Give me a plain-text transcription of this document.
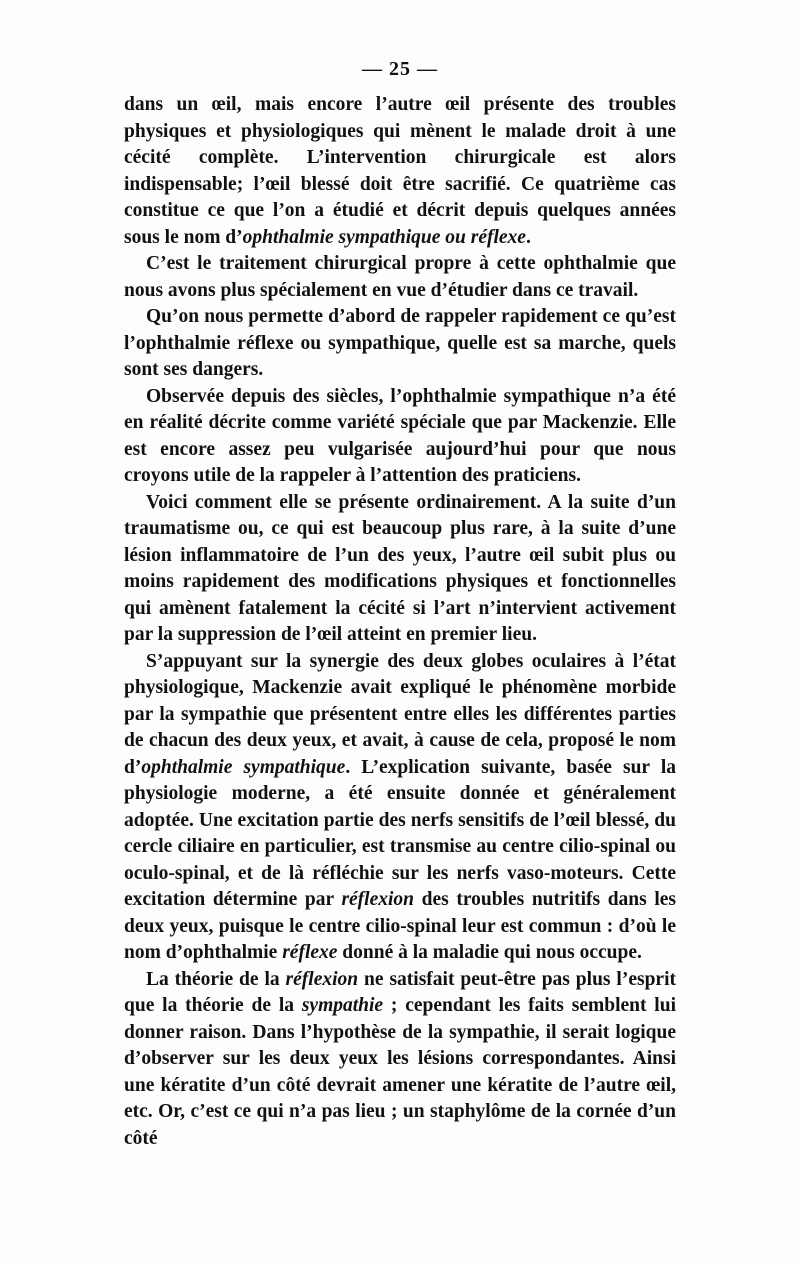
— 25 —

dans un œil, mais encore l’autre œil présente des troubles physiques et physiologiques qui mènent le malade droit à une cécité complète. L’intervention chirurgicale est alors indispensable; l’œil blessé doit être sacrifié. Ce quatrième cas constitue ce que l’on a étudié et décrit depuis quelques années sous le nom d’ophthalmie sympathique ou réflexe.

C’est le traitement chirurgical propre à cette ophthalmie que nous avons plus spécialement en vue d’étudier dans ce travail.

Qu’on nous permette d’abord de rappeler rapidement ce qu’est l’ophthalmie réflexe ou sympathique, quelle est sa marche, quels sont ses dangers.

Observée depuis des siècles, l’ophthalmie sympathique n’a été en réalité décrite comme variété spéciale que par Mackenzie. Elle est encore assez peu vulgarisée aujourd’hui pour que nous croyons utile de la rappeler à l’attention des praticiens.

Voici comment elle se présente ordinairement. A la suite d’un traumatisme ou, ce qui est beaucoup plus rare, à la suite d’une lésion inflammatoire de l’un des yeux, l’autre œil subit plus ou moins rapidement des modifications physiques et fonctionnelles qui amènent fatalement la cécité si l’art n’intervient activement par la suppression de l’œil atteint en premier lieu.

S’appuyant sur la synergie des deux globes oculaires à l’état physiologique, Mackenzie avait expliqué le phénomène morbide par la sympathie que présentent entre elles les différentes parties de chacun des deux yeux, et avait, à cause de cela, proposé le nom d’ophthalmie sympathique. L’explication suivante, basée sur la physiologie moderne, a été ensuite donnée et généralement adoptée. Une excitation partie des nerfs sensitifs de l’œil blessé, du cercle ciliaire en particulier, est transmise au centre cilio-spinal ou oculo-spinal, et de là réfléchie sur les nerfs vaso-moteurs. Cette excitation détermine par réflexion des troubles nutritifs dans les deux yeux, puisque le centre cilio-spinal leur est commun : d’où le nom d’ophthalmie réflexe donné à la maladie qui nous occupe.

La théorie de la réflexion ne satisfait peut-être pas plus l’esprit que la théorie de la sympathie ; cependant les faits semblent lui donner raison. Dans l’hypothèse de la sympathie, il serait logique d’observer sur les deux yeux les lésions correspondantes. Ainsi une kératite d’un côté devrait amener une kératite de l’autre œil, etc. Or, c’est ce qui n’a pas lieu ; un staphylôme de la cornée d’un côté
